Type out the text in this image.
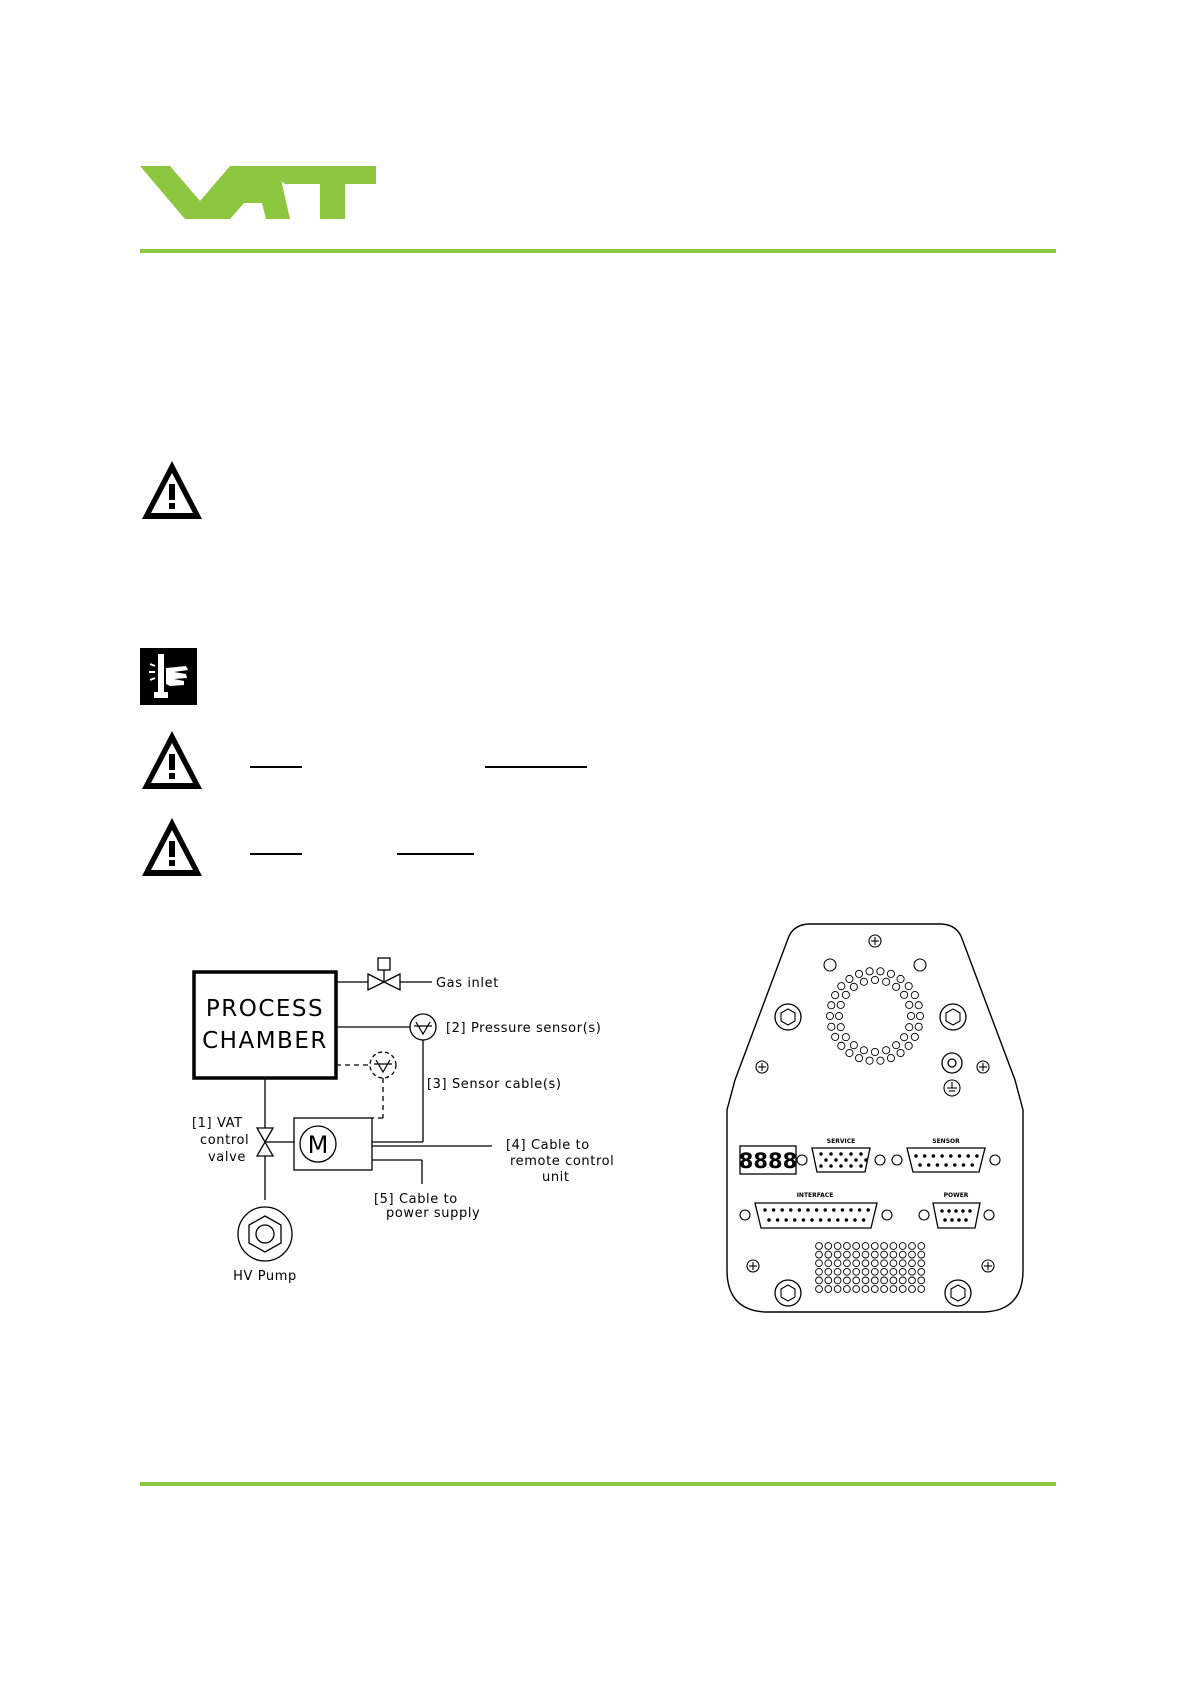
PROCESS
CHAMBER
Gas inlet
[2] Pressure sensor(s)
[3] Sensor cable(s)
[1] VAT
control
valve	M	[4] Cable to
remote control
unit
[5] Cable to
power supply
HV Pump
8888
SERVICE	SENSOR
INTERFACE	POWER
